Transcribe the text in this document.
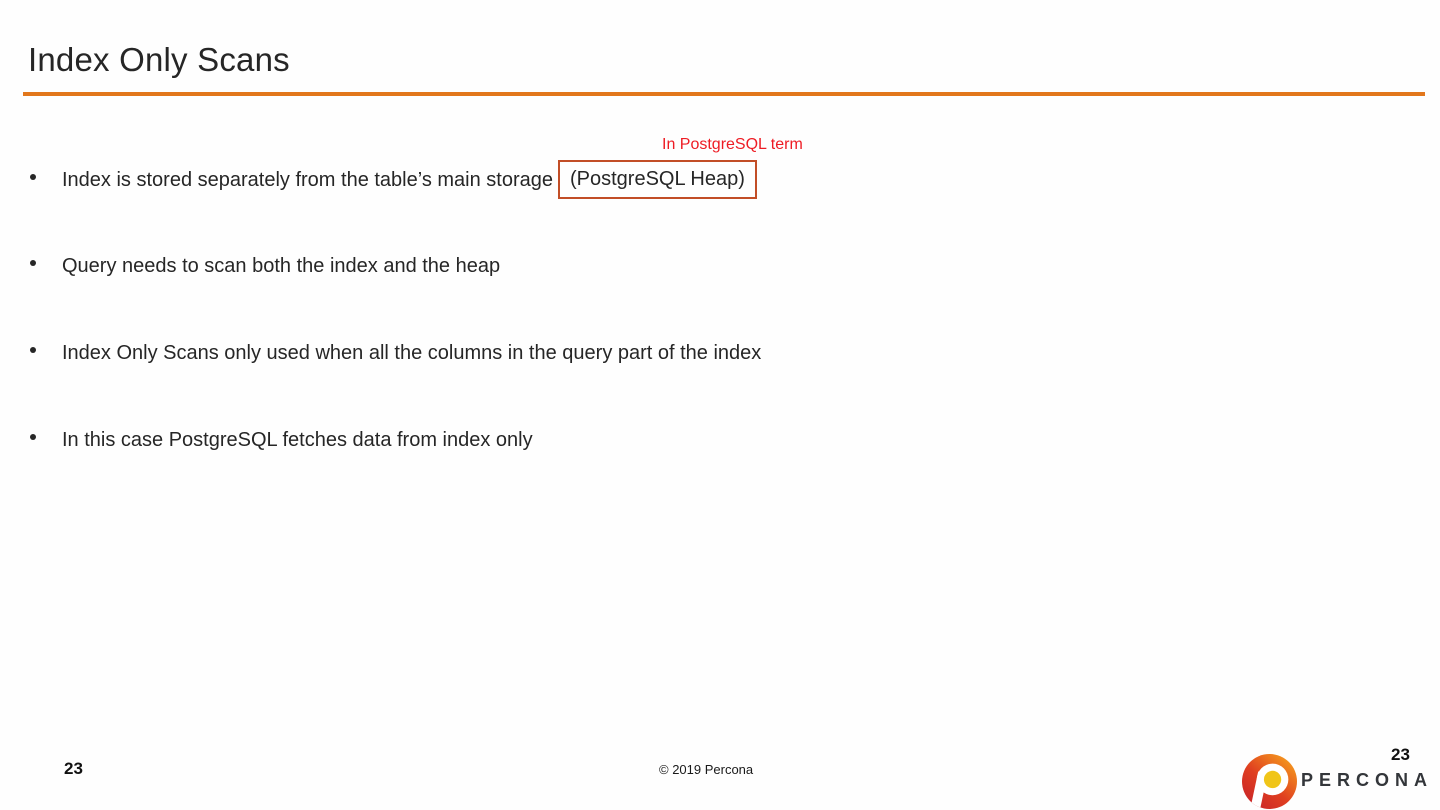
Index Only Scans
In PostgreSQL term
Index is stored separately from the table’s main storage (PostgreSQL Heap)
Query needs to scan both the index and the heap
Index Only Scans only used when all the columns in the query part of the index
In this case PostgreSQL fetches data from index only
23	© 2019 Percona
23
PERCONA
